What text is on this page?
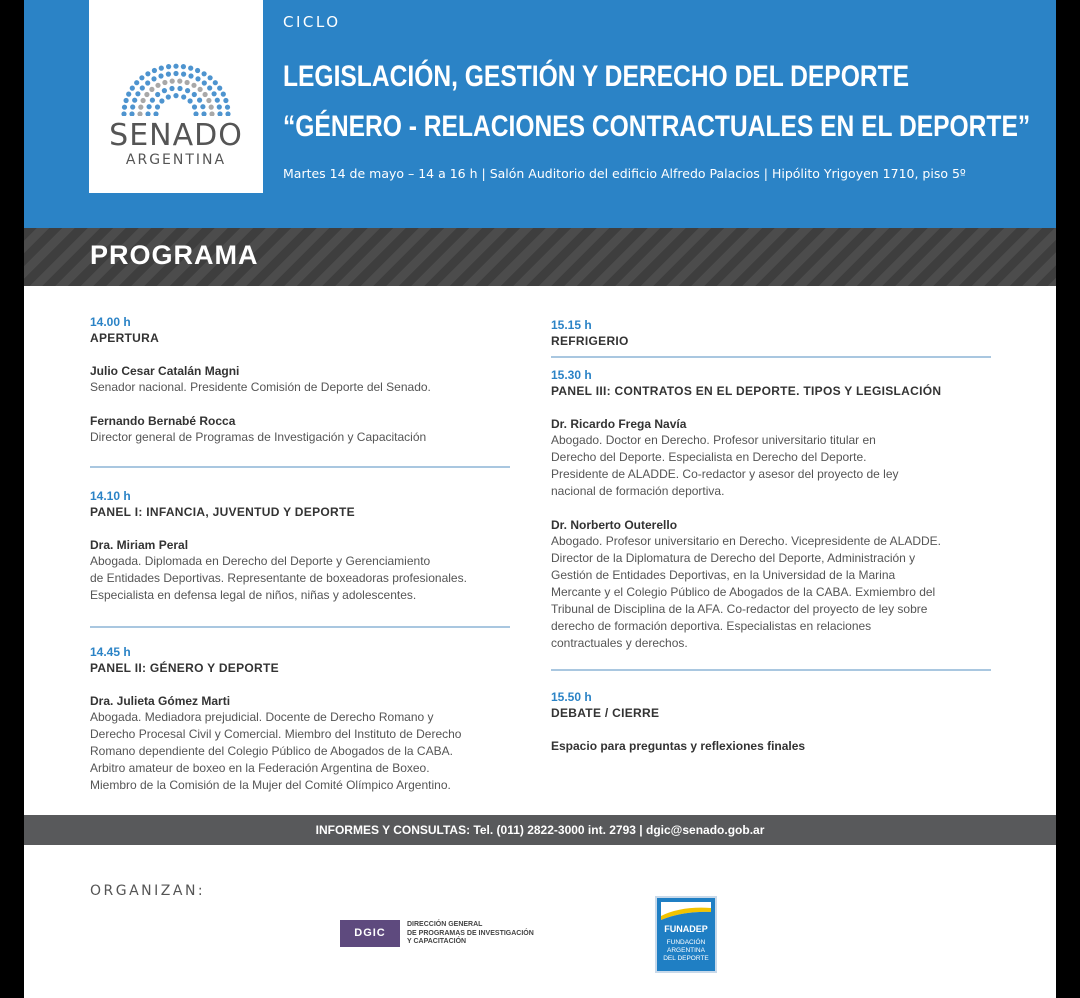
SENADO
ARGENTINA
CICLO
LEGISLACIÓN, GESTIÓN Y DERECHO DEL DEPORTE
“GÉNERO - RELACIONES CONTRACTUALES EN EL DEPORTE”
Martes 14 de mayo – 14 a 16 h | Salón Auditorio del edificio Alfredo Palacios | Hipólito Yrigoyen 1710, piso 5º
PROGRAMA
14.00 h
APERTURA
Julio Cesar Catalán Magni
Senador nacional. Presidente Comisión de Deporte del Senado.
Fernando Bernabé Rocca
Director general de Programas de Investigación y Capacitación
14.10 h
PANEL I: INFANCIA, JUVENTUD Y DEPORTE
Dra. Miriam Peral
Abogada. Diplomada en Derecho del Deporte y Gerenciamiento
de Entidades Deportivas. Representante de boxeadoras profesionales.
Especialista en defensa legal de niños, niñas y adolescentes.
14.45 h
PANEL II: GÉNERO Y DEPORTE
Dra. Julieta Gómez Marti
Abogada. Mediadora prejudicial. Docente de Derecho Romano y
Derecho Procesal Civil y Comercial. Miembro del Instituto de Derecho
Romano dependiente del Colegio Público de Abogados de la CABA.
Arbitro amateur de boxeo en la Federación Argentina de Boxeo.
Miembro de la Comisión de la Mujer del Comité Olímpico Argentino.
15.15 h
REFRIGERIO
15.30 h
PANEL III: CONTRATOS EN EL DEPORTE. TIPOS Y LEGISLACIÓN
Dr. Ricardo Frega Navía
Abogado. Doctor en Derecho. Profesor universitario titular en
Derecho del Deporte. Especialista en Derecho del Deporte.
Presidente de ALADDE. Co-redactor y asesor del proyecto de ley
nacional de formación deportiva.
Dr. Norberto Outerello
Abogado. Profesor universitario en Derecho. Vicepresidente de ALADDE.
Director de la Diplomatura de Derecho del Deporte, Administración y
Gestión de Entidades Deportivas, en la Universidad de la Marina
Mercante y el Colegio Público de Abogados de la CABA. Exmiembro del
Tribunal de Disciplina de la AFA. Co-redactor del proyecto de ley sobre
derecho de formación deportiva. Especialistas en relaciones
contractuales y derechos.
15.50 h
DEBATE / CIERRE
Espacio para preguntas y reflexiones finales
INFORMES Y CONSULTAS: Tel. (011) 2822-3000 int. 2793 | dgic@senado.gob.ar
ORGANIZAN:
DGIC
DIRECCIÓN GENERAL
DE PROGRAMAS DE INVESTIGACIÓN
Y CAPACITACIÓN
FUNADEP
FUNDACIÓN
ARGENTINA
DEL DEPORTE
